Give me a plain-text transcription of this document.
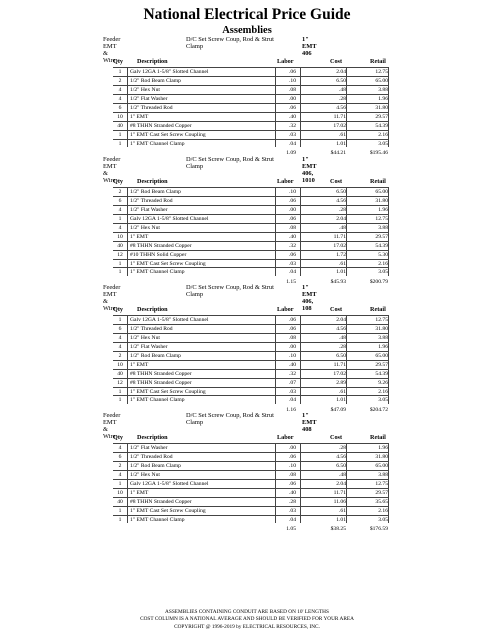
National Electrical Price Guide
Assemblies
Feeder EMT & Wire
D/C Set Screw Coup, Rod & Strut Clamp
1" EMT 406
Qty Description	Labor	Cost	Retail
1	Galv 12GA 1-5/8" Slotted Channel	.06	2.04	12.75
2	1/2" Rod Beam Clamp	.10	6.50	65.00
4	1/2" Hex Nut	.08	.48	3.88
4	1/2" Flat Washer	.00	.28	1.96
6	1/2" Threaded Rod	.06	4.56	31.80
10	1" EMT	.40	11.71	29.57
40	#8 THHN Stranded Copper	.32	17.02	54.39
1	1" EMT Cast Set Screw Coupling	.03	.61	2.16
1	1" EMT Channel Clamp	.04	1.01	3.05
1.09	$44.21	$195.46
Feeder EMT & Wire
D/C Set Screw Coup, Rod & Strut Clamp
1" EMT 406, 1010
Qty Description	Labor	Cost	Retail
2	1/2" Rod Beam Clamp	.10	6.50	65.00
6	1/2" Threaded Rod	.06	4.56	31.80
4	1/2" Flat Washer	.00	.28	1.96
1	Galv 12GA 1-5/8" Slotted Channel	.06	2.04	12.75
4	1/2" Hex Nut	.08	.48	3.88
10	1" EMT	.40	11.71	29.57
40	#8 THHN Stranded Copper	.32	17.02	54.39
12	#10 THHN Solid Copper	.06	1.72	5.30
1	1" EMT Cast Set Screw Coupling	.03	.61	2.16
1	1" EMT Channel Clamp	.04	1.01	3.05
1.15	$45.93	$200.79
Feeder EMT & Wire
D/C Set Screw Coup, Rod & Strut Clamp
1" EMT 406, 108
Qty Description	Labor	Cost	Retail
1	Galv 12GA 1-5/8" Slotted Channel	.06	2.04	12.75
6	1/2" Threaded Rod	.06	4.56	31.80
4	1/2" Hex Nut	.08	.48	3.88
4	1/2" Flat Washer	.00	.28	1.96
2	1/2" Rod Beam Clamp	.10	6.50	65.00
10	1" EMT	.40	11.71	29.57
40	#8 THHN Stranded Copper	.32	17.02	54.39
12	#8 THHN Stranded Copper	.07	2.89	9.26
1	1" EMT Cast Set Screw Coupling	.03	.61	2.16
1	1" EMT Channel Clamp	.04	1.01	3.05
1.16	$47.09	$204.72
Feeder EMT & Wire
D/C Set Screw Coup, Rod & Strut Clamp
1" EMT 408
Qty Description	Labor	Cost	Retail
4	1/2" Flat Washer	.00	.28	1.96
6	1/2" Threaded Rod	.06	4.56	31.80
2	1/2" Rod Beam Clamp	.10	6.50	65.00
4	1/2" Hex Nut	.08	.48	3.88
1	Galv 12GA 1-5/8" Slotted Channel	.06	2.04	12.75
10	1" EMT	.40	11.71	29.57
40	#8 THHN Stranded Copper	.28	11.06	35.65
1	1" EMT Cast Set Screw Coupling	.03	.61	2.16
1	1" EMT Channel Clamp	.04	1.01	3.05
1.05	$38.25	$176.59
ASSEMBLIES CONTAINING CONDUIT ARE BASED ON 10' LENGTHS
COST COLUMN IS A NATIONAL AVERAGE AND SHOULD BE VERIFIED FOR YOUR AREA
COPYRIGHT @ 1996-2019 by ELECTRICAL RESOURCES, INC.
